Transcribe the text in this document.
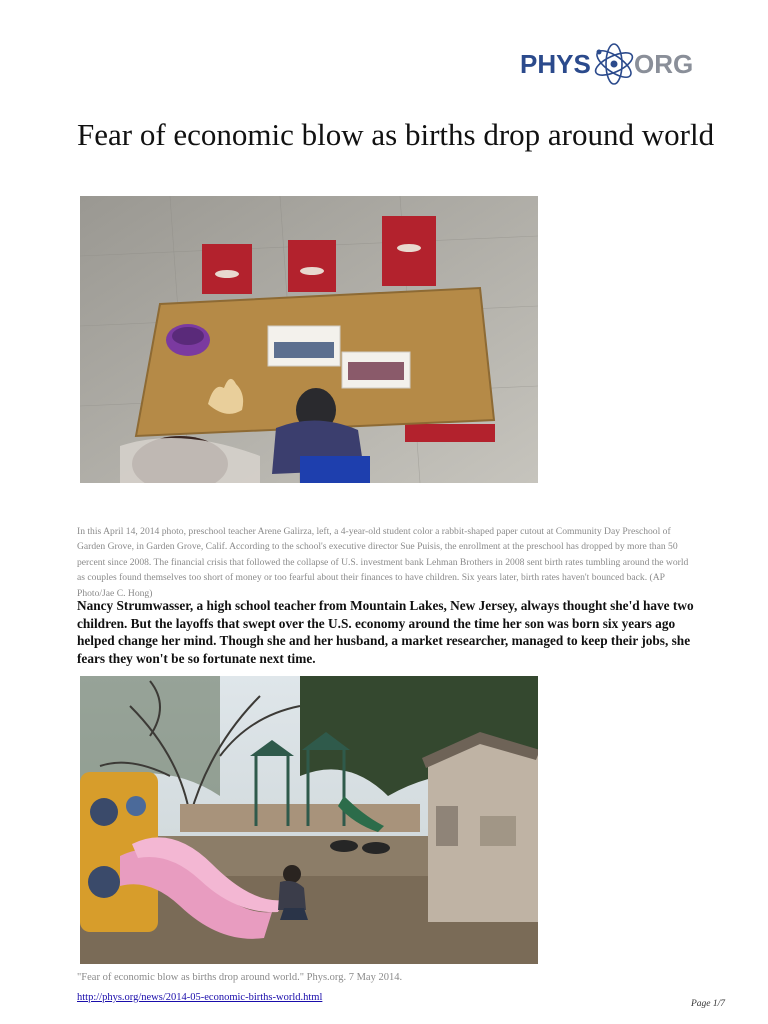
PHYS ORG
Fear of economic blow as births drop around world
In this April 14, 2014 photo, preschool teacher Arene Galirza, left, a 4-year-old student color a rabbit-shaped paper cutout at Community Day Preschool of Garden Grove, in Garden Grove, Calif. According to the school's executive director Sue Puisis, the enrollment at the preschool has dropped by more than 50 percent since 2008. The financial crisis that followed the collapse of U.S. investment bank Lehman Brothers in 2008 sent birth rates tumbling around the world as couples found themselves too short of money or too fearful about their finances to have children. Six years later, birth rates haven't bounced back. (AP Photo/Jae C. Hong)
Nancy Strumwasser, a high school teacher from Mountain Lakes, New Jersey, always thought she'd have two children. But the layoffs that swept over the U.S. economy around the time her son was born six years ago helped change her mind. Though she and her husband, a market researcher, managed to keep their jobs, she fears they won't be so fortunate next time.
"Fear of economic blow as births drop around world." Phys.org. 7 May 2014.
http://phys.org/news/2014-05-economic-births-world.html
Page 1/7
